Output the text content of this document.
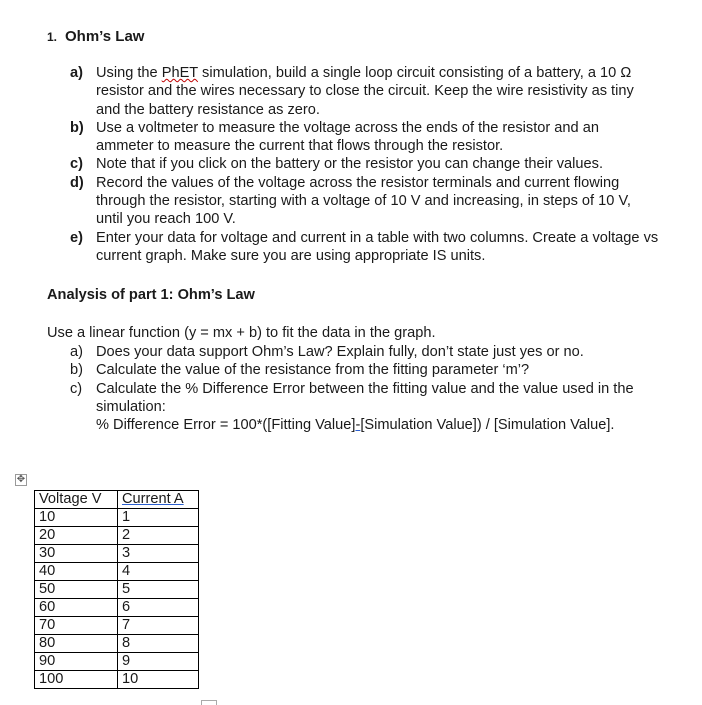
1. Ohm’s Law
a) Using the PhET simulation, build a single loop circuit consisting of a battery, a 10 Ω resistor and the wires necessary to close the circuit. Keep the wire resistivity as tiny and the battery resistance as zero.
b) Use a voltmeter to measure the voltage across the ends of the resistor and an ammeter to measure the current that flows through the resistor.
c) Note that if you click on the battery or the resistor you can change their values.
d) Record the values of the voltage across the resistor terminals and current flowing through the resistor, starting with a voltage of 10 V and increasing, in steps of 10 V, until you reach 100 V.
e) Enter your data for voltage and current in a table with two columns. Create a voltage vs current graph. Make sure you are using appropriate IS units.
Analysis of part 1: Ohm’s Law
Use a linear function (y = mx + b) to fit the data in the graph.
a) Does your data support Ohm’s Law? Explain fully, don’t state just yes or no.
b) Calculate the value of the resistance from the fitting parameter ‘m’?
c) Calculate the % Difference Error between the fitting value and the value used in the simulation:
% Difference Error = 100*([Fitting Value]-[Simulation Value]) / [Simulation Value].
✥
Voltage V	Current A
10	1
20	2
30	3
40	4
50	5
60	6
70	7
80	8
90	9
100	10
